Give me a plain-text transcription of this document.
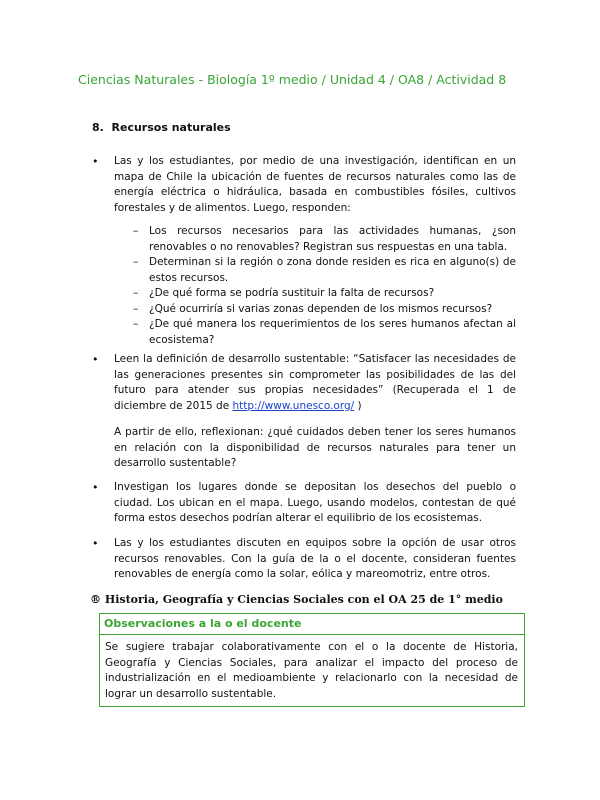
Ciencias Naturales - Biología 1º medio / Unidad 4 / OA8 / Actividad 8
8. Recursos naturales
• Las y los estudiantes, por medio de una investigación, identifican en un mapa de Chile la ubicación de fuentes de recursos naturales como las de energía eléctrica o hidráulica, basada en combustibles fósiles, cultivos forestales y de alimentos. Luego, responden:
– Los recursos necesarios para las actividades humanas, ¿son renovables o no renovables? Registran sus respuestas en una tabla.
– Determinan si la región o zona donde residen es rica en alguno(s) de estos recursos.
– ¿De qué forma se podría sustituir la falta de recursos?
– ¿Qué ocurriría si varias zonas dependen de los mismos recursos?
– ¿De qué manera los requerimientos de los seres humanos afectan al ecosistema?
• Leen la definición de desarrollo sustentable: “Satisfacer las necesidades de las generaciones presentes sin comprometer las posibilidades de las del futuro para atender sus propias necesidades” (Recuperada el 1 de diciembre de 2015 de http://www.unesco.org/ )
A partir de ello, reflexionan: ¿qué cuidados deben tener los seres humanos en relación con la disponibilidad de recursos naturales para tener un desarrollo sustentable?
• Investigan los lugares donde se depositan los desechos del pueblo o ciudad. Los ubican en el mapa. Luego, usando modelos, contestan de qué forma estos desechos podrían alterar el equilibrio de los ecosistemas.
• Las y los estudiantes discuten en equipos sobre la opción de usar otros recursos renovables. Con la guía de la o el docente, consideran fuentes renovables de energía como la solar, eólica y mareomotriz, entre otros.
® Historia, Geografía y Ciencias Sociales con el OA 25 de 1° medio
Observaciones a la o el docente
Se sugiere trabajar colaborativamente con el o la docente de Historia, Geografía y Ciencias Sociales, para analizar el impacto del proceso de industrialización en el medioambiente y relacionarlo con la necesidad de lograr un desarrollo sustentable.
